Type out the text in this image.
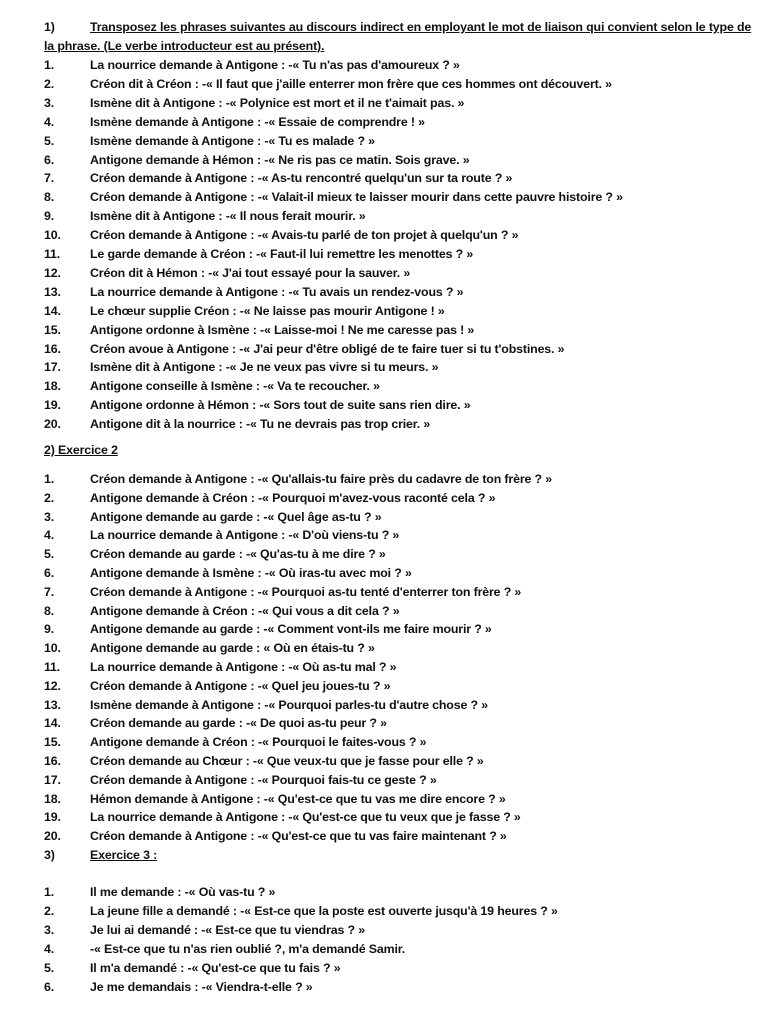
1)	Transposez les phrases suivantes au discours indirect en employant le mot de liaison qui convient selon le type de
la phrase. (Le verbe introducteur est au présent).
1.	La nourrice demande à Antigone : -« Tu n'as pas d'amoureux ? »
2.	Créon dit à Créon : -« Il faut que j'aille enterrer mon frère que ces hommes ont découvert. »
3.	Ismène dit à Antigone : -« Polynice est mort et il ne t'aimait pas. »
4.	Ismène demande à Antigone : -« Essaie de comprendre ! »
5.	Ismène demande à Antigone : -« Tu es malade ? »
6.	Antigone demande à Hémon : -« Ne ris pas ce matin. Sois grave. »
7.	Créon demande à Antigone : -« As-tu rencontré quelqu'un sur ta route ? »
8.	Créon demande à Antigone : -« Valait-il mieux te laisser mourir dans cette pauvre histoire ? »
9.	Ismène dit à Antigone : -« Il nous ferait mourir. »
10. Créon demande à Antigone : -« Avais-tu parlé de ton projet à quelqu'un ? »
11. Le garde demande à Créon : -« Faut-il lui remettre les menottes ? »
12. Créon dit à Hémon : -« J'ai tout essayé pour la sauver. »
13. La nourrice demande à Antigone : -« Tu avais un rendez-vous ? »
14. Le chœur supplie Créon : -« Ne laisse pas mourir Antigone ! »
15. Antigone ordonne à Ismène : -« Laisse-moi ! Ne me caresse pas ! »
16. Créon avoue à Antigone : -« J'ai peur d'être obligé de te faire tuer si tu t'obstines. »
17. Ismène dit à Antigone : -« Je ne veux pas vivre si tu meurs. »
18. Antigone conseille à Ismène : -« Va te recoucher. »
19. Antigone ordonne à Hémon : -« Sors tout de suite sans rien dire. »
20. Antigone dit à la nourrice : -« Tu ne devrais pas trop crier. »
2) Exercice 2
1.	Créon demande à Antigone : -« Qu'allais-tu faire près du cadavre de ton frère ? »
2.	Antigone demande à Créon : -« Pourquoi m'avez-vous raconté cela ? »
3.	Antigone demande au garde : -« Quel âge as-tu ? »
4.	La nourrice demande à Antigone : -« D'où viens-tu ? »
5.	Créon demande au garde : -« Qu'as-tu à me dire ? »
6.	Antigone demande à Ismène : -« Où iras-tu avec moi ? »
7.	Créon demande à Antigone : -« Pourquoi as-tu tenté d'enterrer ton frère ? »
8.	Antigone demande à Créon : -« Qui vous a dit cela ? »
9.	Antigone demande au garde : -« Comment vont-ils me faire mourir ? »
10. Antigone demande au garde : « Où en étais-tu ? »
11. La nourrice demande à Antigone : -« Où as-tu mal ? »
12. Créon demande à Antigone : -« Quel jeu joues-tu ? »
13. Ismène demande à Antigone : -« Pourquoi parles-tu d'autre chose ? »
14. Créon demande au garde : -« De quoi as-tu peur ? »
15. Antigone demande à Créon : -« Pourquoi le faites-vous ? »
16. Créon demande au Chœur : -« Que veux-tu que je fasse pour elle ? »
17. Créon demande à Antigone : -« Pourquoi fais-tu ce geste ? »
18. Hémon demande à Antigone : -« Qu'est-ce que tu vas me dire encore ? »
19. La nourrice demande à Antigone : -« Qu'est-ce que tu veux que je fasse ? »
20. Créon demande à Antigone : -« Qu'est-ce que tu vas faire maintenant ? »
3)	Exercice 3 :
1.	Il me demande : -« Où vas-tu ? »
2.	La jeune fille a demandé : -« Est-ce que la poste est ouverte jusqu'à 19 heures ? »
3.	Je lui ai demandé : -« Est-ce que tu viendras ? »
4.	-« Est-ce que tu n'as rien oublié ?, m'a demandé Samir.
5.	Il m'a demandé : -« Qu'est-ce que tu fais ? »
6.	Je me demandais : -« Viendra-t-elle ? »
